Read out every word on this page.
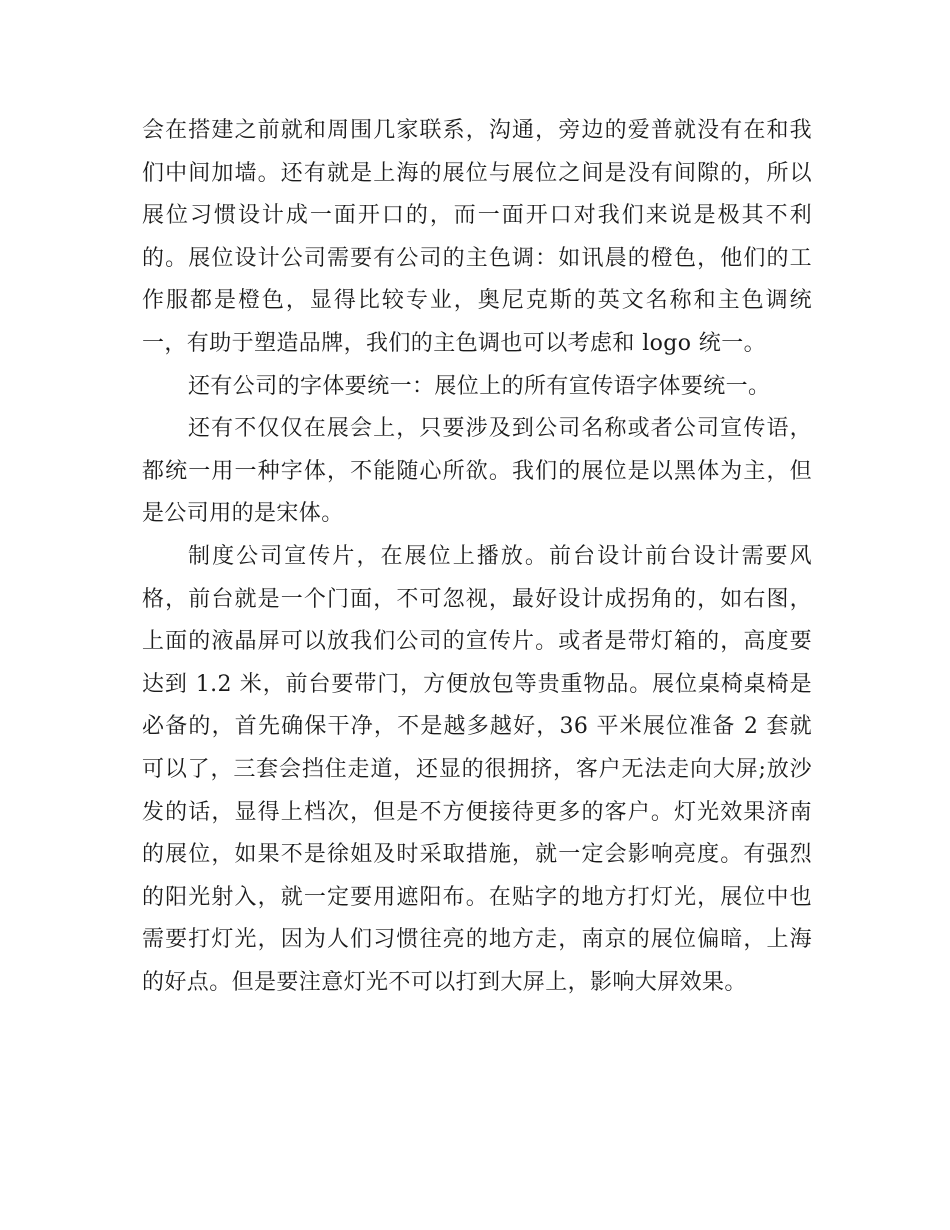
会在搭建之前就和周围几家联系，沟通，旁边的爱普就没有在和我们中间加墙。还有就是上海的展位与展位之间是没有间隙的，所以展位习惯设计成一面开口的，而一面开口对我们来说是极其不利的。展位设计公司需要有公司的主色调：如讯晨的橙色，他们的工作服都是橙色，显得比较专业，奥尼克斯的英文名称和主色调统一，有助于塑造品牌，我们的主色调也可以考虑和 logo 统一。

还有公司的字体要统一：展位上的所有宣传语字体要统一。

还有不仅仅在展会上，只要涉及到公司名称或者公司宣传语，都统一用一种字体，不能随心所欲。我们的展位是以黑体为主，但是公司用的是宋体。

制度公司宣传片，在展位上播放。前台设计前台设计需要风格，前台就是一个门面，不可忽视，最好设计成拐角的，如右图，上面的液晶屏可以放我们公司的宣传片。或者是带灯箱的，高度要达到 1.2 米，前台要带门，方便放包等贵重物品。展位桌椅桌椅是必备的，首先确保干净，不是越多越好，36 平米展位准备 2 套就可以了，三套会挡住走道，还显的很拥挤，客户无法走向大屏;放沙发的话，显得上档次，但是不方便接待更多的客户。灯光效果济南的展位，如果不是徐姐及时采取措施，就一定会影响亮度。有强烈的阳光射入，就一定要用遮阳布。在贴字的地方打灯光，展位中也需要打灯光，因为人们习惯往亮的地方走，南京的展位偏暗，上海的好点。但是要注意灯光不可以打到大屏上，影响大屏效果。
